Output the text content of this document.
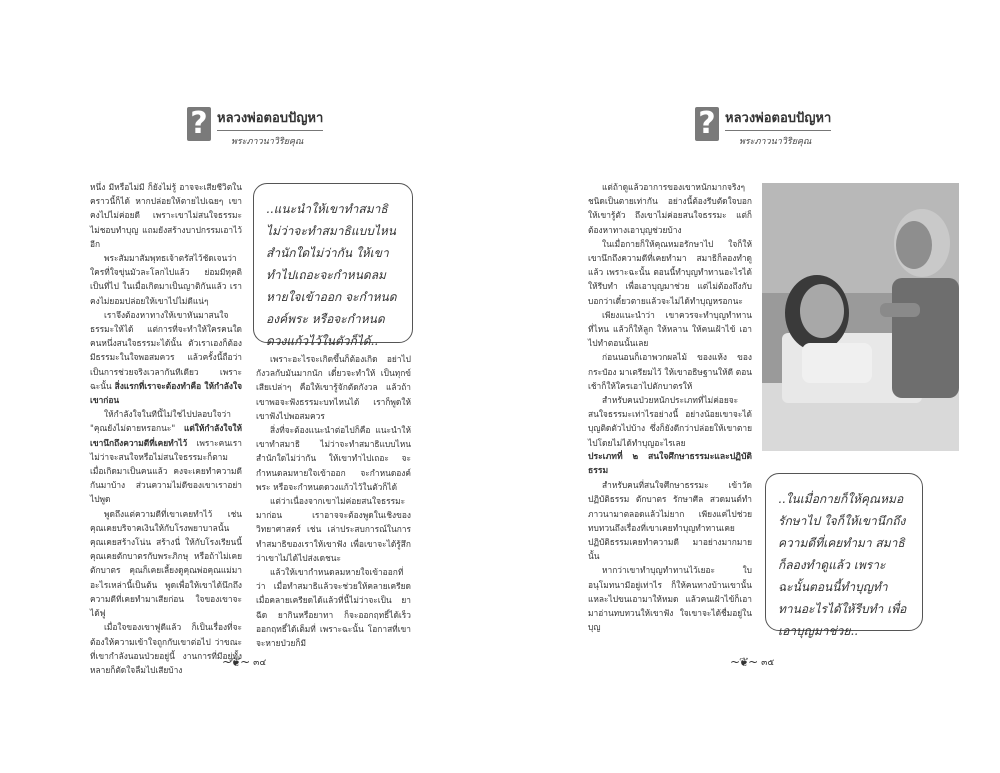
? หลวงพ่อตอบปัญหา
พระภาวนาวิริยคุณ

หนึ่ง มีหรือไม่มี ก็ยังไม่รู้ อาจจะเสียชีวิตในคราวนี้ก็ได้ หากปล่อยให้ตายไปเฉยๆ เขาคงไปไม่ค่อยดี เพราะเขาไม่สนใจธรรมะ ไม่ชอบทำบุญ แถมยังสร้างบาปกรรมเอาไว้อีก

พระสัมมาสัมพุทธเจ้าตรัสไว้ชัดเจนว่า ใครที่ใจขุ่นมัวละโลกไปแล้ว ย่อมมีทุคติเป็นที่ไป ในเมื่อเกิดมาเป็นญาติกันแล้ว เราคงไม่ยอมปล่อยให้เขาไปไม่ดีแน่ๆ

เราจึงต้องหาทางให้เขาหันมาสนใจธรรมะให้ได้ แต่การที่จะทำให้ใครคนใดคนหนึ่งสนใจธรรมะได้นั้น ตัวเราเองก็ต้องมีธรรมะในใจพอสมควร แล้วครั้งนี้ถือว่าเป็นการช่วยจริงเวลากันทีเดียว เพราะฉะนั้น สิ่งแรกที่เราจะต้องทำคือ ให้กำลังใจเขาก่อน

ให้กำลังใจในทีนี้ไม่ใช่ไปปลอบใจว่า "คุณยังไม่ตายหรอกนะ" แต่ให้กำลังใจให้เขานึกถึงความดีที่เคยทำไว้ เพราะคนเราไม่ว่าจะสนใจหรือไม่สนใจธรรมะก็ตาม เมื่อเกิดมาเป็นคนแล้ว คงจะเคยทำความดีกันมาบ้าง ส่วนความไม่ดีของเขาเราอย่าไปพูด

พูดถึงแต่ความดีที่เขาเคยทำไว้ เช่น คุณเคยบริจาคเงินให้กับโรงพยาบาลนั้น คุณเคยสร้างโน่น สร้างนี่ ให้กับโรงเรียนนี้ คุณเคยตักบาตรกับพระภิกษุ หรือถ้าไม่เคยตักบาตร คุณก็เคยเลี้ยงดูคุณพ่อคุณแม่มา อะไรเหล่านี้เป็นต้น พูดเพื่อให้เขาได้นึกถึงความดีที่เคยทำมาเสียก่อน ใจของเขาจะได้ฟู

เมื่อใจของเขาฟูดีแล้ว ก็เป็นเรื่องที่จะต้องให้ความเข้าใจถูกกับเขาต่อไป ว่าขณะที่เขากำลังนอนป่วยอยู่นี้ งานการที่มีอยู่ทั้งหลายก็ตัดใจลืมไปเสียบ้าง

..แนะนำให้เขาทำสมาธิ ไม่ว่าจะทำสมาธิแบบไหน สำนักใดไม่ว่ากัน ให้เขาทำไปเถอะจะกำหนดลมหายใจเข้าออก จะกำหนดองค์พระ หรือจะกำหนดดวงแก้วไว้ในตัวก็ได้..

เพราะอะไรจะเกิดขึ้นก็ต้องเกิด อย่าไปกังวลกับมันมากนัก เดี๋ยวจะทำให้ เป็นทุกข์เสียเปล่าๆ คือให้เขารู้จักตัดกังวล แล้วถ้าเขาพอจะฟังธรรมะบทไหนได้ เราก็พูดให้เขาฟังไปพอสมควร

สิ่งที่จะต้องแนะนำต่อไปก็คือ แนะนำให้เขาทำสมาธิ ไม่ว่าจะทำสมาธิแบบไหน สำนักใดไม่ว่ากัน ให้เขาทำไปเถอะ จะกำหนดลมหายใจเข้าออก จะกำหนดองค์พระ หรือจะกำหนดดวงแก้วไว้ในตัวก็ได้

แต่ว่าเนื่องจากเขาไม่ค่อยสนใจธรรมะมาก่อน เราอาจจะต้องพูดในเชิงของวิทยาศาสตร์ เช่น เล่าประสบการณ์ในการทำสมาธิของเราให้เขาฟัง เพื่อเขาจะได้รู้สึกว่าเขาไม่ได้ไปส่งเดชนะ

แล้วให้เขากำหนดลมหายใจเข้าออกที่ว่า เมื่อทำสมาธิแล้วจะช่วยให้คลายเครียด เมื่อคลายเครียดได้แล้วที่นี้ไม่ว่าจะเป็น ยาฉีด ยากินหรือยาทา ก็จะออกฤทธิ์ได้เร็ว ออกฤทธิ์ได้เต็มที่ เพราะฉะนั้น โอกาสที่เขาจะหายป่วยก็มี

~❦~ ๓๔
? หลวงพ่อตอบปัญหา
พระภาวนาวิริยคุณ

แต่ถ้าดูแล้วอาการของเขาหนักมากจริงๆ ชนิดเป็นตายเท่ากัน อย่างนี้ต้องรีบตัดใจบอกให้เขารู้ตัว ถึงเขาไม่ค่อยสนใจธรรมะ แต่ก็ต้องหาทางเอาบุญช่วยบ้าง

ในเมื่อกายก็ให้คุณหมอรักษาไป ใจก็ให้เขานึกถึงความดีที่เคยทำมา สมาธิก็ลองทำดูแล้ว เพราะฉะนั้น ตอนนี้ทำบุญทำทานอะไรได้ให้รีบทำ เพื่อเอาบุญมาช่วย แต่ไม่ต้องถึงกับบอกว่าเดี๋ยวตายแล้วจะไม่ได้ทำบุญหรอกนะ

เพียงแนะนำว่า เขาควรจะทำบุญทำทานที่ไหน แล้วก็ให้ลูก ให้หลาน ให้คนเฝ้าไข้ เอาไปทำตอนนั้นเลย

ก่อนนอนก็เอาพวกผลไม้ ของแห้ง ของกระป๋อง มาเตรียมไว้ ให้เขาอธิษฐานให้ดี ตอนเช้าก็ให้ใครเอาไปตักบาตรให้

สำหรับคนป่วยหนักประเภทที่ไม่ค่อยจะสนใจธรรมะเท่าไรอย่างนี้ อย่างน้อยเขาจะได้บุญติดตัวไปบ้าง ซึ่งก็ยังดีกว่าปล่อยให้เขาตายไปโดยไม่ได้ทำบุญอะไรเลย

ประเภทที่ ๒ สนใจศึกษาธรรมะและปฏิบัติธรรม

สำหรับคนที่สนใจศึกษาธรรมะ เข้าวัดปฏิบัติธรรม ตักบาตร รักษาศีล สวดมนต์ทำภาวนามาตลอดแล้วไม่ยาก เพียงแค่ไปช่วยทบทวนถึงเรื่องที่เขาเคยทำบุญทำทานเคยปฏิบัติธรรมเคยทำความดี มาอย่างมากมายนั้น

หากว่าเขาทำบุญทำทานไว้เยอะ ใบอนุโมทนามีอยู่เท่าไร ก็ให้คนทางบ้านเขานั้นแหละไปขนเอามาให้หมด แล้วคนเฝ้าไข้ก็เอามาอ่านทบทวนให้เขาฟัง ใจเขาจะได้ชื่มอยู่ในบุญ

..ในเมื่อกายก็ให้คุณหมอรักษาไป ใจก็ให้เขานึกถึงความดีที่เคยทำมา สมาธิก็ลองทำดูแล้ว เพราะฉะนั้นตอนนี้ทำบุญทำทานอะไรได้ให้รีบทำ เพื่อเอาบุญมาช่วย..
~❦~ ๓๕
